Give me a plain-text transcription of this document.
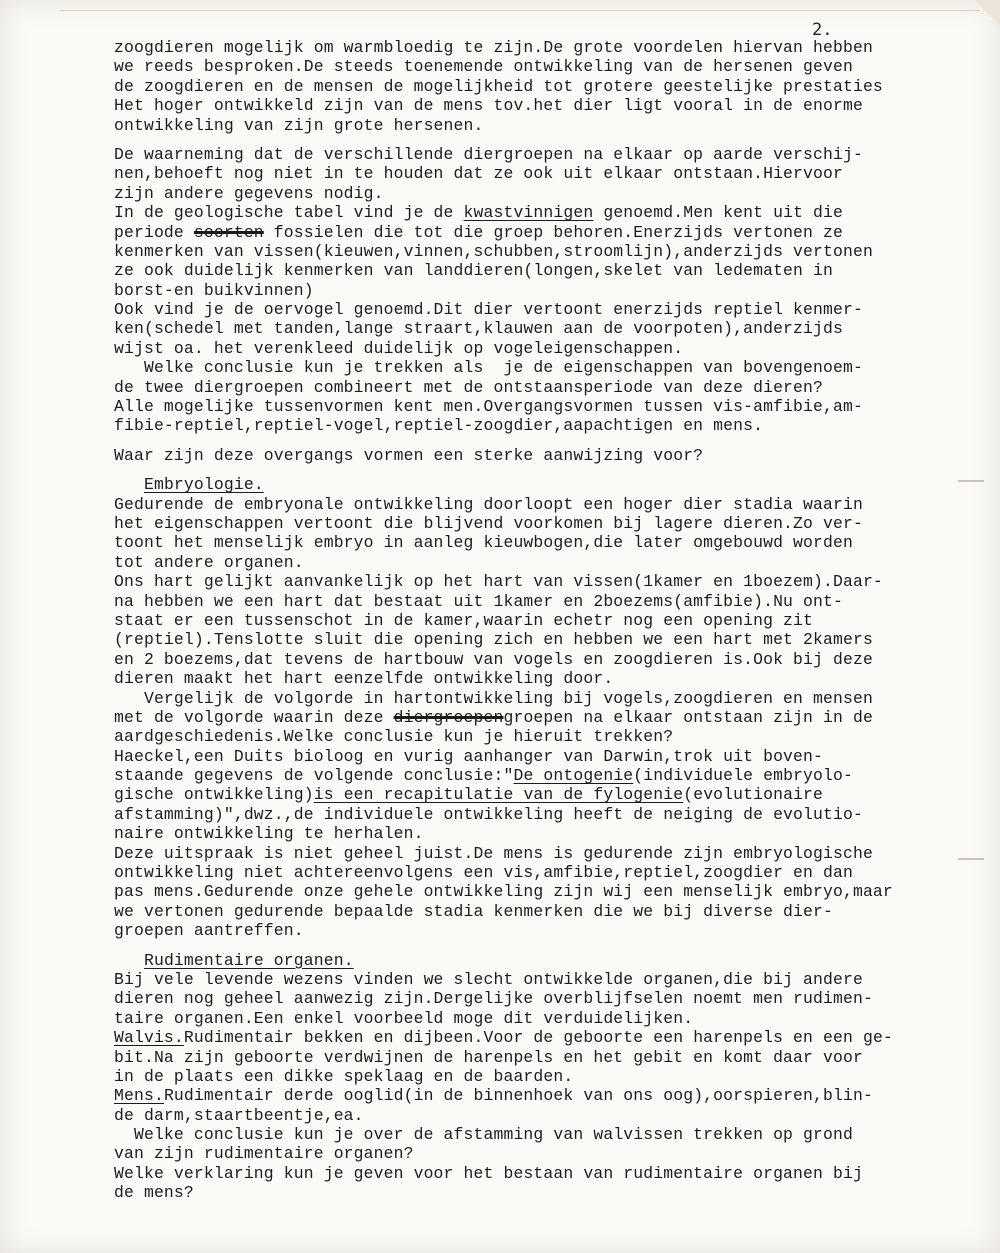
2.
zoogdieren mogelijk om warmbloedig te zijn.De grote voordelen hiervan hebben
we reeds besproken.De steeds toenemende ontwikkeling van de hersenen geven
de zoogdieren en de mensen de mogelijkheid tot grotere geestelijke prestaties
Het hoger ontwikkeld zijn van de mens tov.het dier ligt vooral in de enorme
ontwikkeling van zijn grote hersenen.
De waarneming dat de verschillende diergroepen na elkaar op aarde verschij-
nen,behoeft nog niet in te houden dat ze ook uit elkaar ontstaan.Hiervoor
zijn andere gegevens nodig.
In de geologische tabel vind je de kwastvinnigen genoemd.Men kent uit die
periode soorten fossielen die tot die groep behoren.Enerzijds vertonen ze
kenmerken van vissen(kieuwen,vinnen,schubben,stroomlijn),anderzijds vertonen
ze ook duidelijk kenmerken van landdieren(longen,skelet van ledematen in
borst-en buikvinnen)
Ook vind je de oervogel genoemd.Dit dier vertoont enerzijds reptiel kenmer-
ken(schedel met tanden,lange straart,klauwen aan de voorpoten),anderzijds
wijst oa. het verenkleed duidelijk op vogeleigenschappen.
Welke conclusie kun je trekken als  je de eigenschappen van bovengenoem-
de twee diergroepen combineert met de ontstaansperiode van deze dieren?
Alle mogelijke tussenvormen kent men.Overgangsvormen tussen vis-amfibie,am-
fibie-reptiel,reptiel-vogel,reptiel-zoogdier,aapachtigen en mens.
Waar zijn deze overgangs vormen een sterke aanwijzing voor?
Embryologie.
Gedurende de embryonale ontwikkeling doorloopt een hoger dier stadia waarin
het eigenschappen vertoont die blijvend voorkomen bij lagere dieren.Zo ver-
toont het menselijk embryo in aanleg kieuwbogen,die later omgebouwd worden
tot andere organen.
Ons hart gelijkt aanvankelijk op het hart van vissen(1kamer en 1boezem).Daar-
na hebben we een hart dat bestaat uit 1kamer en 2boezems(amfibie).Nu ont-
staat er een tussenschot in de kamer,waarin echetr nog een opening zit
(reptiel).Tenslotte sluit die opening zich en hebben we een hart met 2kamers
en 2 boezems,dat tevens de hartbouw van vogels en zoogdieren is.Ook bij deze
dieren maakt het hart eenzelfde ontwikkeling door.
Vergelijk de volgorde in hartontwikkeling bij vogels,zoogdieren en mensen
met de volgorde waarin deze diergroepengroepen na elkaar ontstaan zijn in de
aardgeschiedenis.Welke conclusie kun je hieruit trekken?
Haeckel,een Duits bioloog en vurig aanhanger van Darwin,trok uit boven-
staande gegevens de volgende conclusie:"De ontogenie(individuele embryolo-
gische ontwikkeling)is een recapitulatie van de fylogenie(evolutionaire
afstamming)",dwz.,de individuele ontwikkeling heeft de neiging de evolutio-
naire ontwikkeling te herhalen.
Deze uitspraak is niet geheel juist.De mens is gedurende zijn embryologische
ontwikkeling niet achtereenvolgens een vis,amfibie,reptiel,zoogdier en dan
pas mens.Gedurende onze gehele ontwikkeling zijn wij een menselijk embryo,maar
we vertonen gedurende bepaalde stadia kenmerken die we bij diverse dier-
groepen aantreffen.
Rudimentaire organen.
Bij vele levende wezens vinden we slecht ontwikkelde organen,die bij andere
dieren nog geheel aanwezig zijn.Dergelijke overblijfselen noemt men rudimen-
taire organen.Een enkel voorbeeld moge dit verduidelijken.
Walvis.Rudimentair bekken en dijbeen.Voor de geboorte een harenpels en een ge-
bit.Na zijn geboorte verdwijnen de harenpels en het gebit en komt daar voor
in de plaats een dikke speklaag en de baarden.
Mens.Rudimentair derde ooglid(in de binnenhoek van ons oog),oorspieren,blin-
de darm,staartbeentje,ea.
Welke conclusie kun je over de afstamming van walvissen trekken op grond
van zijn rudimentaire organen?
Welke verklaring kun je geven voor het bestaan van rudimentaire organen bij
de mens?
